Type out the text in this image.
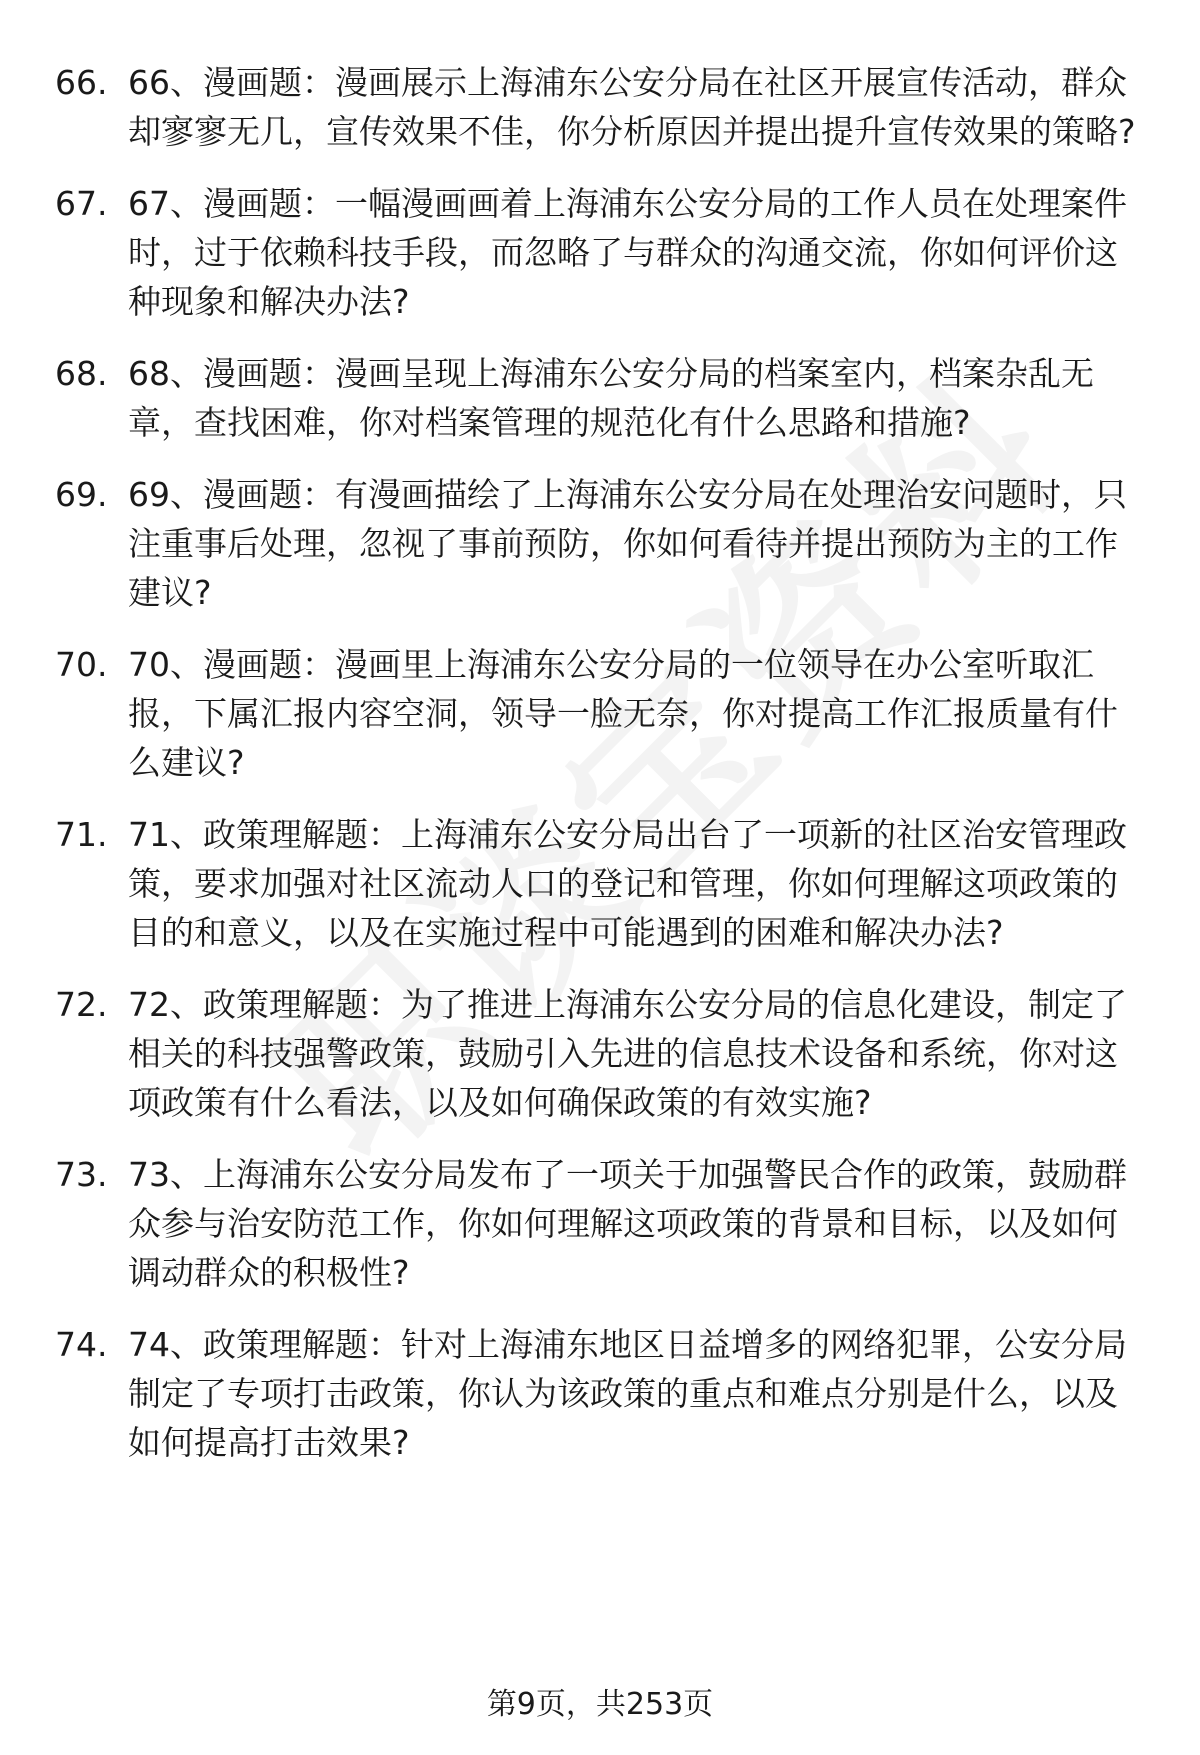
66. 66、漫画题：漫画展示上海浦东公安分局在社区开展宣传活动，群众却寥寥无几，宣传效果不佳，你分析原因并提出提升宣传效果的策略?
67. 67、漫画题：一幅漫画画着上海浦东公安分局的工作人员在处理案件时，过于依赖科技手段，而忽略了与群众的沟通交流，你如何评价这种现象和解决办法?
68. 68、漫画题：漫画呈现上海浦东公安分局的档案室内，档案杂乱无章，查找困难，你对档案管理的规范化有什么思路和措施?
69. 69、漫画题：有漫画描绘了上海浦东公安分局在处理治安问题时，只注重事后处理，忽视了事前预防，你如何看待并提出预防为主的工作建议?
70. 70、漫画题：漫画里上海浦东公安分局的一位领导在办公室听取汇报，下属汇报内容空洞，领导一脸无奈，你对提高工作汇报质量有什么建议?
71. 71、政策理解题：上海浦东公安分局出台了一项新的社区治安管理政策，要求加强对社区流动人口的登记和管理，你如何理解这项政策的目的和意义，以及在实施过程中可能遇到的困难和解决办法?
72. 72、政策理解题：为了推进上海浦东公安分局的信息化建设，制定了相关的科技强警政策，鼓励引入先进的信息技术设备和系统，你对这项政策有什么看法，以及如何确保政策的有效实施?
73. 73、上海浦东公安分局发布了一项关于加强警民合作的政策，鼓励群众参与治安防范工作，你如何理解这项政策的背景和目标，以及如何调动群众的积极性?
74. 74、政策理解题：针对上海浦东地区日益增多的网络犯罪，公安分局制定了专项打击政策，你认为该政策的重点和难点分别是什么，以及如何提高打击效果?
第9页，共253页
